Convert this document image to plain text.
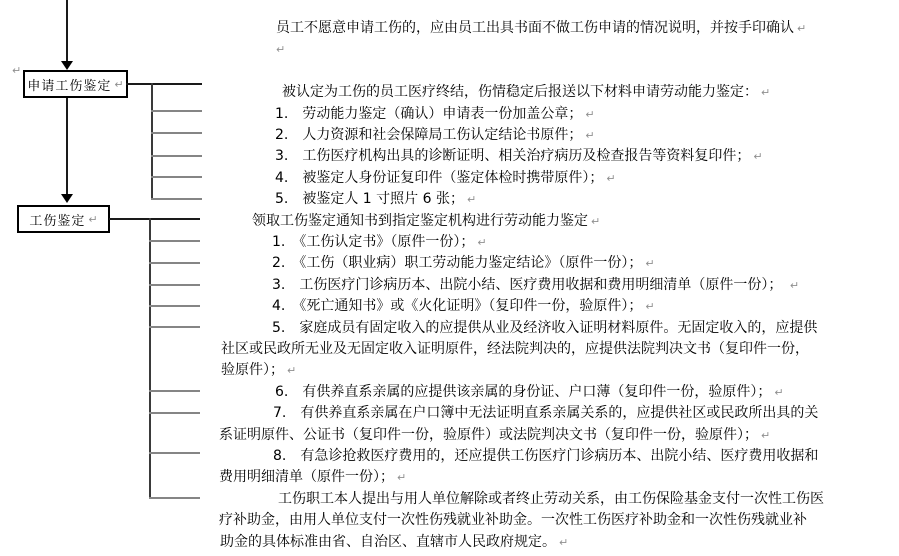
↵
申请工伤鉴定 ↵
工伤鉴定 ↵
员工不愿意申请工伤的，应由员工出具书面不做工伤申请的情况说明，并按手印确认 ↵
↵
被认定为工伤的员工医疗终结，伤情稳定后报送以下材料申请劳动能力鉴定： ↵
1.　劳动能力鉴定（确认）申请表一份加盖公章； ↵
2.　人力资源和社会保障局工伤认定结论书原件； ↵
3.　工伤医疗机构出具的诊断证明、相关治疗病历及检查报告等资料复印件； ↵
4.　被鉴定人身份证复印件（鉴定体检时携带原件）； ↵
5.　被鉴定人 1 寸照片 6 张； ↵
领取工伤鉴定通知书到指定鉴定机构进行劳动能力鉴定 ↵
1.　《工伤认定书》（原件一份）； ↵
2.　《工伤（职业病）职工劳动能力鉴定结论》（原件一份）； ↵
3.　工伤医疗门诊病历本、出院小结、医疗费用收据和费用明细清单（原件一份）； ↵
4.　《死亡通知书》或《火化证明》（复印件一份，验原件）； ↵
5.　家庭成员有固定收入的应提供从业及经济收入证明材料原件。无固定收入的，应提供
社区或民政所无业及无固定收入证明原件，经法院判决的，应提供法院判决文书（复印件一份，
验原件）； ↵
6.　有供养直系亲属的应提供该亲属的身份证、户口薄（复印件一份，验原件）； ↵
7.　有供养直系亲属在户口簿中无法证明直系亲属关系的，应提供社区或民政所出具的关
系证明原件、公证书（复印件一份，验原件）或法院判决文书（复印件一份，验原件）； ↵
8.　有急诊抢救医疗费用的，还应提供工伤医疗门诊病历本、出院小结、医疗费用收据和
费用明细清单（原件一份）； ↵
工伤职工本人提出与用人单位解除或者终止劳动关系，由工伤保险基金支付一次性工伤医
疗补助金，由用人单位支付一次性伤残就业补助金。一次性工伤医疗补助金和一次性伤残就业补
助金的具体标准由省、自治区、直辖市人民政府规定。 ↵
